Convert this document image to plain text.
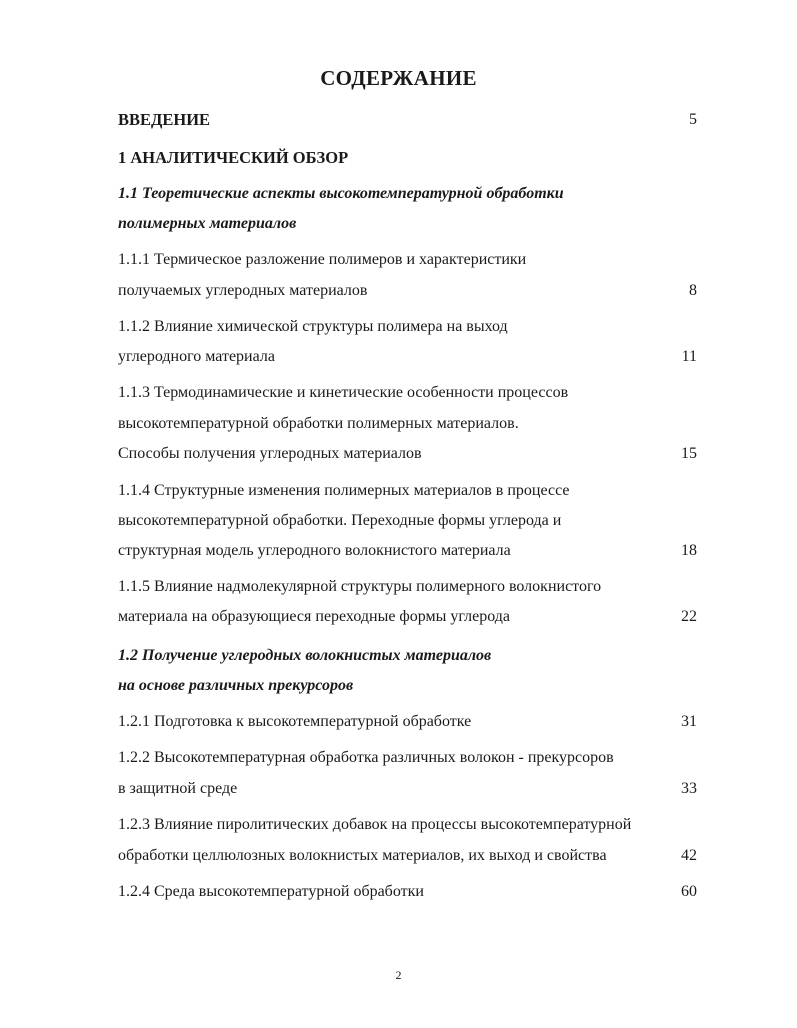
СОДЕРЖАНИЕ
ВВЕДЕНИЕ	5
1 АНАЛИТИЧЕСКИЙ ОБЗОР
1.1 Теоретические аспекты высокотемпературной обработки
полимерных материалов
1.1.1 Термическое разложение полимеров и характеристики
получаемых углеродных материалов	8
1.1.2 Влияние химической структуры полимера на выход
углеродного материала	11
1.1.3 Термодинамические и кинетические особенности процессов
высокотемпературной обработки полимерных материалов.
Способы получения углеродных материалов	15
1.1.4 Структурные изменения полимерных материалов в процессе
высокотемпературной обработки. Переходные формы углерода и
структурная модель углеродного волокнистого материала	18
1.1.5 Влияние надмолекулярной структуры полимерного волокнистого
материала на образующиеся переходные формы углерода	22
1.2 Получение углеродных волокнистых материалов
на основе различных прекурсоров
1.2.1 Подготовка к высокотемпературной обработке	31
1.2.2 Высокотемпературная обработка различных волокон - прекурсоров
в защитной среде	33
1.2.3 Влияние пиролитических добавок на процессы высокотемпературной
обработки целлюлозных волокнистых материалов, их выход и свойства	42
1.2.4 Среда высокотемпературной обработки	60
2
